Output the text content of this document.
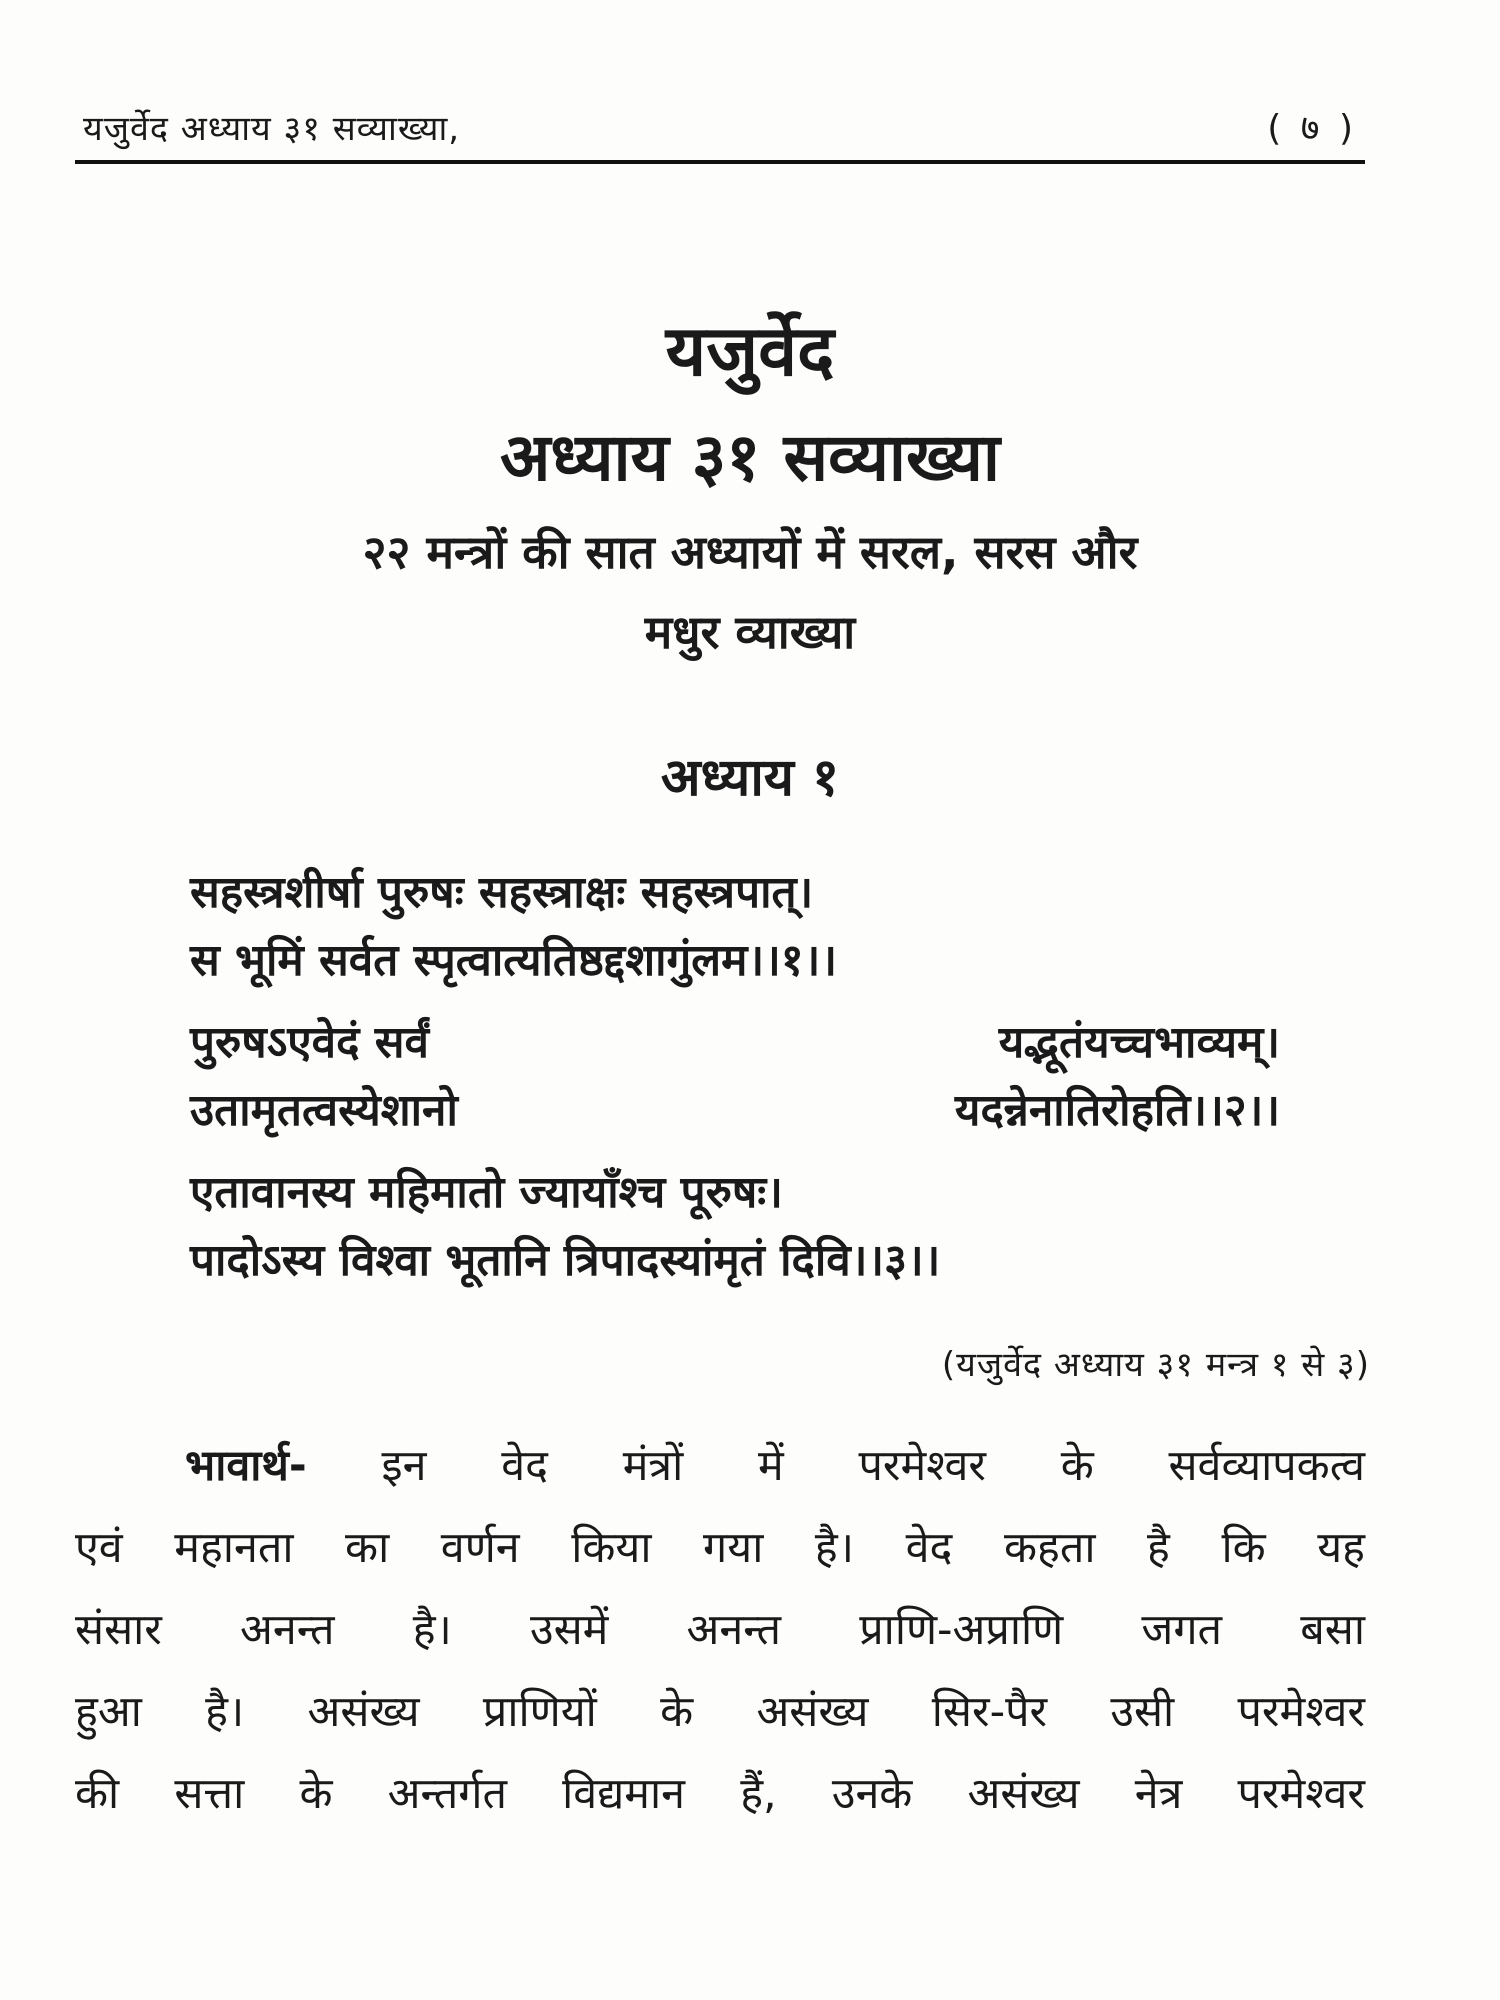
यजुर्वेद अध्याय ३१ सव्याख्या,	( ७ )
यजुर्वेद
अध्याय ३१ सव्याख्या
२२ मन्त्रों की सात अध्यायों में सरल, सरस और
मधुर व्याख्या
अध्याय १
सहस्त्रशीर्षा पुरुषः सहस्त्राक्षः सहस्त्रपात्।
स भूमिं सर्वत स्पृत्वात्यतिष्ठद्दशागुंलम।।१।।
पुरुषऽएवेदं सर्वं	यद्भूतंयच्चभाव्यम्।
उतामृतत्वस्येशानो	यदन्नेनातिरोहति।।२।।
एतावानस्य महिमातो ज्यायाँश्च पूरुषः।
पादोऽस्य विश्वा भूतानि त्रिपादस्यांमृतं दिवि।।३।।
(यजुर्वेद अध्याय ३१ मन्त्र १ से ३)
भावार्थ- इन वेद मंत्रों में परमेश्वर के सर्वव्यापकत्व
एवं महानता का वर्णन किया गया है। वेद कहता है कि यह
संसार अनन्त है। उसमें अनन्त प्राणि-अप्राणि जगत बसा
हुआ है। असंख्य प्राणियों के असंख्य सिर-पैर उसी परमेश्वर
की सत्ता के अन्तर्गत विद्यमान हैं, उनके असंख्य नेत्र परमेश्वर
